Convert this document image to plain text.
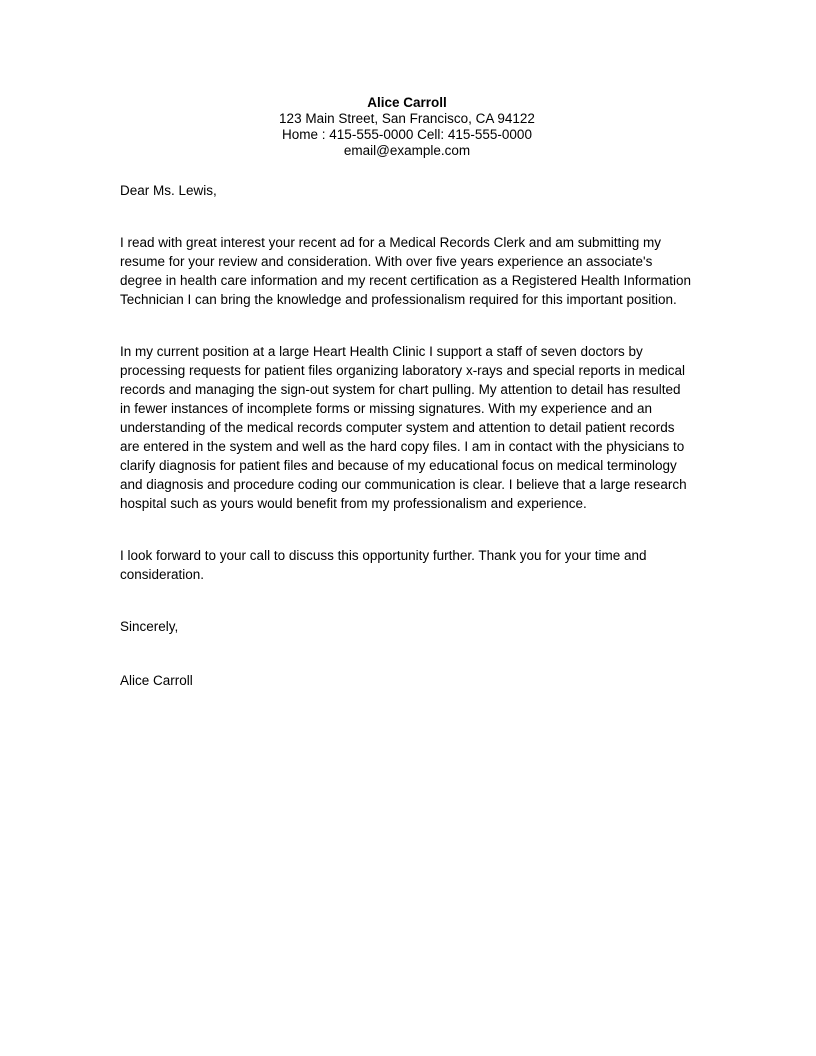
Alice Carroll
123 Main Street, San Francisco, CA 94122
Home : 415-555-0000 Cell: 415-555-0000
email@example.com
Dear Ms. Lewis,
I read with great interest your recent ad for a Medical Records Clerk and am submitting my resume for your review and consideration. With over five years experience an associate's degree in health care information and my recent certification as a Registered Health Information Technician I can bring the knowledge and professionalism required for this important position.
In my current position at a large Heart Health Clinic I support a staff of seven doctors by processing requests for patient files organizing laboratory x-rays and special reports in medical records and managing the sign-out system for chart pulling. My attention to detail has resulted in fewer instances of incomplete forms or missing signatures. With my experience and an understanding of the medical records computer system and attention to detail patient records are entered in the system and well as the hard copy files. I am in contact with the physicians to clarify diagnosis for patient files and because of my educational focus on medical terminology and diagnosis and procedure coding our communication is clear. I believe that a large research hospital such as yours would benefit from my professionalism and experience.
I look forward to your call to discuss this opportunity further. Thank you for your time and consideration.
Sincerely,
Alice Carroll
